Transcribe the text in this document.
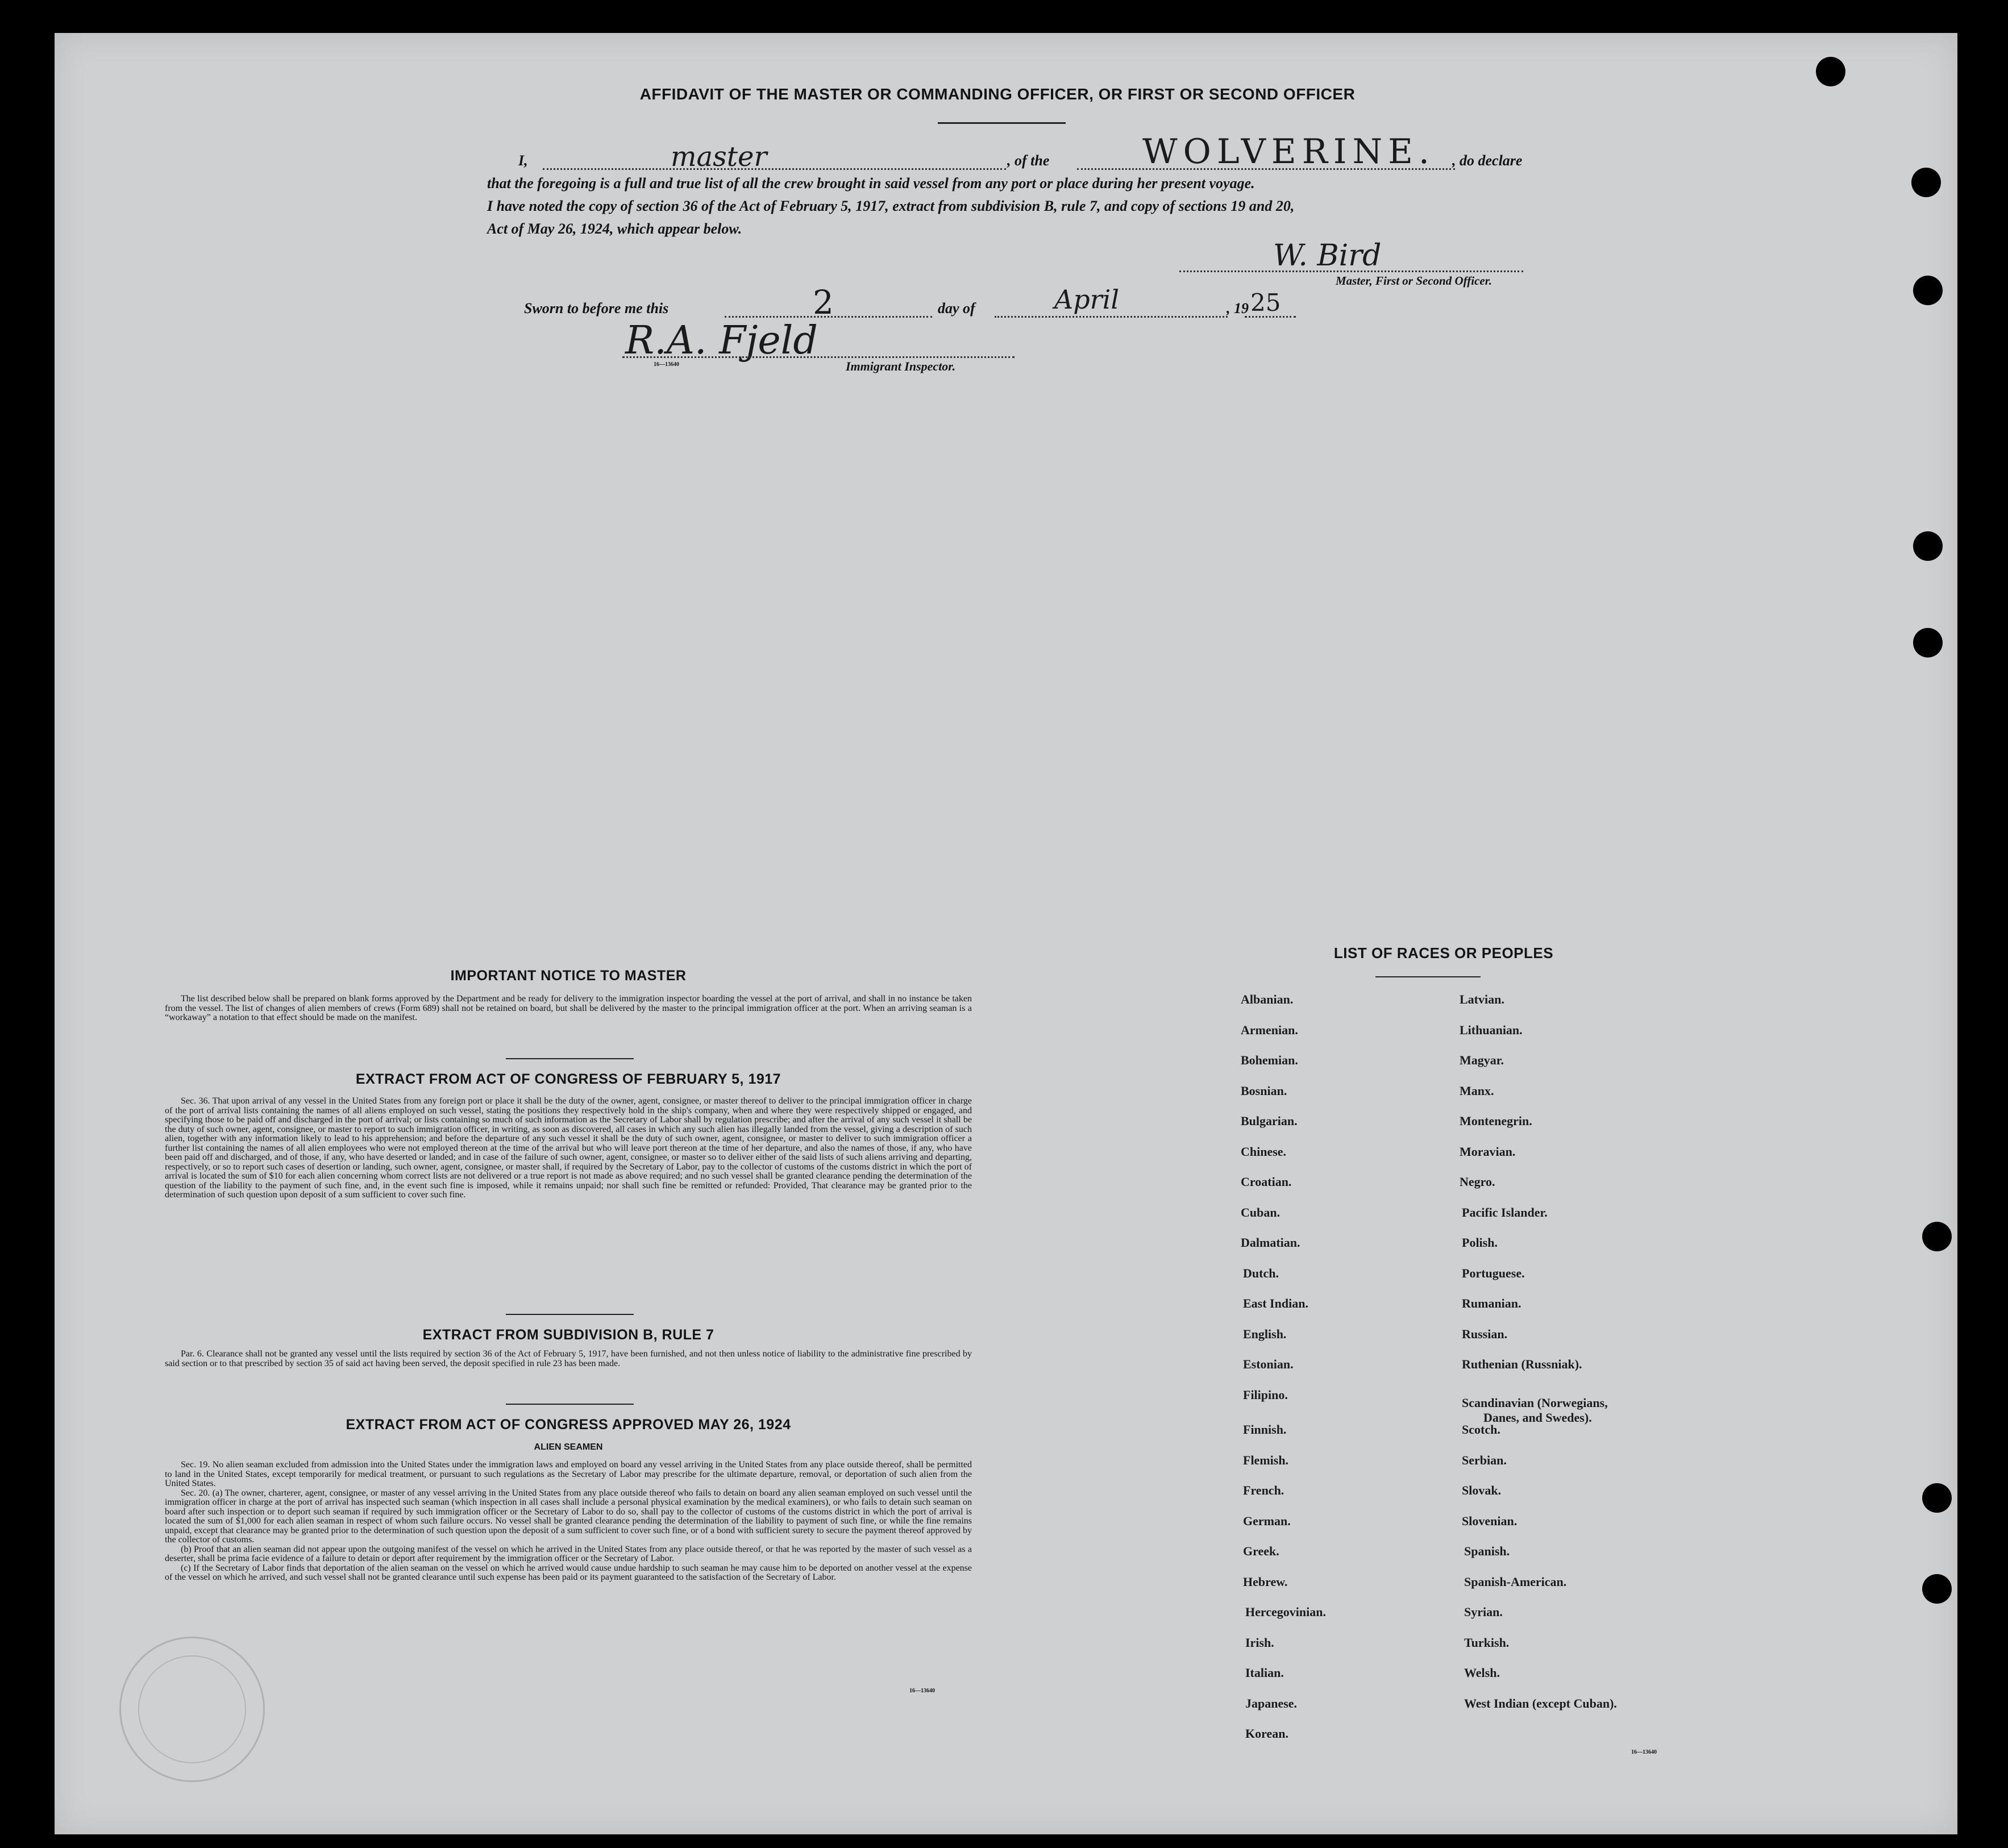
AFFIDAVIT OF THE MASTER OR COMMANDING OFFICER, OR FIRST OR SECOND OFFICER
I,	master	, of the	WOLVERINE. , do declare
that the foregoing is a full and true list of all the crew brought in said vessel from any port or place during her present voyage.
I have noted the copy of section 36 of the Act of February 5, 1917, extract from subdivision B, rule 7, and copy of sections 19 and 20,
Act of May 26, 1924, which appear below.
W. Bird
Master, First or Second Officer.
Sworn to before me this	2	day of	April	, 19 25
R.A. Fjeld
16—13640	Immigrant Inspector.
IMPORTANT NOTICE TO MASTER

The list described below shall be prepared on blank forms approved by the Department and be ready for delivery to the immigration inspector boarding the vessel at the port of arrival, and shall in no instance be taken from the vessel. The list of changes of alien members of crews (Form 689) shall not be retained on board, but shall be delivered by the master to the principal immigration officer at the port. When an arriving seaman is a “workaway” a notation to that effect should be made on the manifest.

EXTRACT FROM ACT OF CONGRESS OF FEBRUARY 5, 1917

Sec. 36. That upon arrival of any vessel in the United States from any foreign port or place it shall be the duty of the owner, agent, consignee, or master thereof to deliver to the principal immigration officer in charge of the port of arrival lists containing the names of all aliens employed on such vessel, stating the positions they respectively hold in the ship's company, when and where they were respectively shipped or engaged, and specifying those to be paid off and discharged in the port of arrival; or lists containing so much of such information as the Secretary of Labor shall by regulation prescribe; and after the arrival of any such vessel it shall be the duty of such owner, agent, consignee, or master to report to such immigration officer, in writing, as soon as discovered, all cases in which any such alien has illegally landed from the vessel, giving a description of such alien, together with any information likely to lead to his apprehension; and before the departure of any such vessel it shall be the duty of such owner, agent, consignee, or master to deliver to such immigration officer a further list containing the names of all alien employees who were not employed thereon at the time of the arrival but who will leave port thereon at the time of her departure, and also the names of those, if any, who have been paid off and discharged, and of those, if any, who have deserted or landed; and in case of the failure of such owner, agent, consignee, or master so to deliver either of the said lists of such aliens arriving and departing, respectively, or so to report such cases of desertion or landing, such owner, agent, consignee, or master shall, if required by the Secretary of Labor, pay to the collector of customs of the customs district in which the port of arrival is located the sum of $10 for each alien concerning whom correct lists are not delivered or a true report is not made as above required; and no such vessel shall be granted clearance pending the determination of the question of the liability to the payment of such fine, and, in the event such fine is imposed, while it remains unpaid; nor shall such fine be remitted or refunded: Provided, That clearance may be granted prior to the determination of such question upon deposit of a sum sufficient to cover such fine.

EXTRACT FROM SUBDIVISION B, RULE 7

Par. 6. Clearance shall not be granted any vessel until the lists required by section 36 of the Act of February 5, 1917, have been furnished, and not then unless notice of liability to the administrative fine prescribed by said section or to that prescribed by section 35 of said act having been served, the deposit specified in rule 23 has been made.

EXTRACT FROM ACT OF CONGRESS APPROVED MAY 26, 1924
ALIEN SEAMEN

Sec. 19. No alien seaman excluded from admission into the United States under the immigration laws and employed on board any vessel arriving in the United States from any place outside thereof, shall be permitted to land in the United States, except temporarily for medical treatment, or pursuant to such regulations as the Secretary of Labor may prescribe for the ultimate departure, removal, or deportation of such alien from the United States.

Sec. 20. (a) The owner, charterer, agent, consignee, or master of any vessel arriving in the United States from any place outside thereof who fails to detain on board any alien seaman employed on such vessel until the immigration officer in charge at the port of arrival has inspected such seaman (which inspection in all cases shall include a personal physical examination by the medical examiners), or who fails to detain such seaman on board after such inspection or to deport such seaman if required by such immigration officer or the Secretary of Labor to do so, shall pay to the collector of customs of the customs district in which the port of arrival is located the sum of $1,000 for each alien seaman in respect of whom such failure occurs. No vessel shall be granted clearance pending the determination of the liability to payment of such fine, or while the fine remains unpaid, except that clearance may be granted prior to the determination of such question upon the deposit of a sum sufficient to cover such fine, or of a bond with sufficient surety to secure the payment thereof approved by the collector of customs.

(b) Proof that an alien seaman did not appear upon the outgoing manifest of the vessel on which he arrived in the United States from any place outside thereof, or that he was reported by the master of such vessel as a deserter, shall be prima facie evidence of a failure to detain or deport after requirement by the immigration officer or the Secretary of Labor.

(c) If the Secretary of Labor finds that deportation of the alien seaman on the vessel on which he arrived would cause undue hardship to such seaman he may cause him to be deported on another vessel at the expense of the vessel on which he arrived, and such vessel shall not be granted clearance until such expense has been paid or its payment guaranteed to the satisfaction of the Secretary of Labor.

16—13640
LIST OF RACES OR PEOPLES
Albanian.
Armenian.
Bohemian.
Bosnian.
Bulgarian.
Chinese.
Croatian.
Cuban.
Dalmatian.
Dutch.
East Indian.
English.
Estonian.
Filipino.
Finnish.
Flemish.
French.
German.
Greek.
Hebrew.
Hercegovinian.
Irish.
Italian.
Japanese.
Korean.
Latvian.
Lithuanian.
Magyar.
Manx.
Montenegrin.
Moravian.
Negro.
Pacific Islander.
Polish.
Portuguese.
Rumanian.
Russian.
Ruthenian (Russniak).
Scandinavian (Norwegians,
Danes, and Swedes).
Scotch.
Serbian.
Slovak.
Slovenian.
Spanish.
Spanish-American.
Syrian.
Turkish.
Welsh.
West Indian (except Cuban).
16—13640
